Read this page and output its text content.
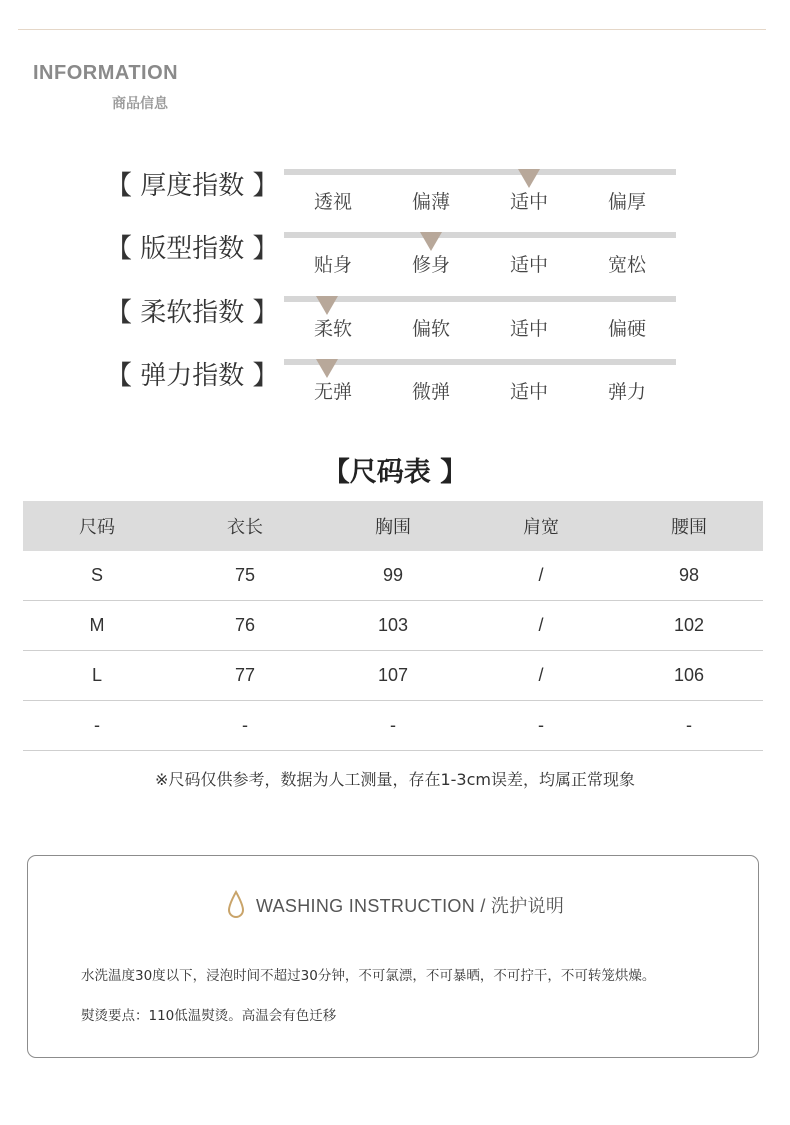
INFORMATION
商品信息
【 厚度指数 】
透视	偏薄	适中	偏厚
【 版型指数 】
贴身	修身	适中	宽松
【 柔软指数 】
柔软	偏软	适中	偏硬
【 弹力指数 】
无弹	微弹	适中	弹力
【尺码表 】
尺码	衣长	胸围	肩宽	腰围
S	75	99	/	98
M	76	103	/	102
L	77	107	/	106
-	-	-	-	-
※尺码仅供参考，数据为人工测量，存在1-3cm误差，均属正常现象
WASHING INSTRUCTION / 洗护说明
水洗温度30度以下，浸泡时间不超过30分钟，不可氯漂，不可暴晒，不可拧干，不可转笼烘燥。
熨烫要点：110低温熨烫。高温会有色迁移
